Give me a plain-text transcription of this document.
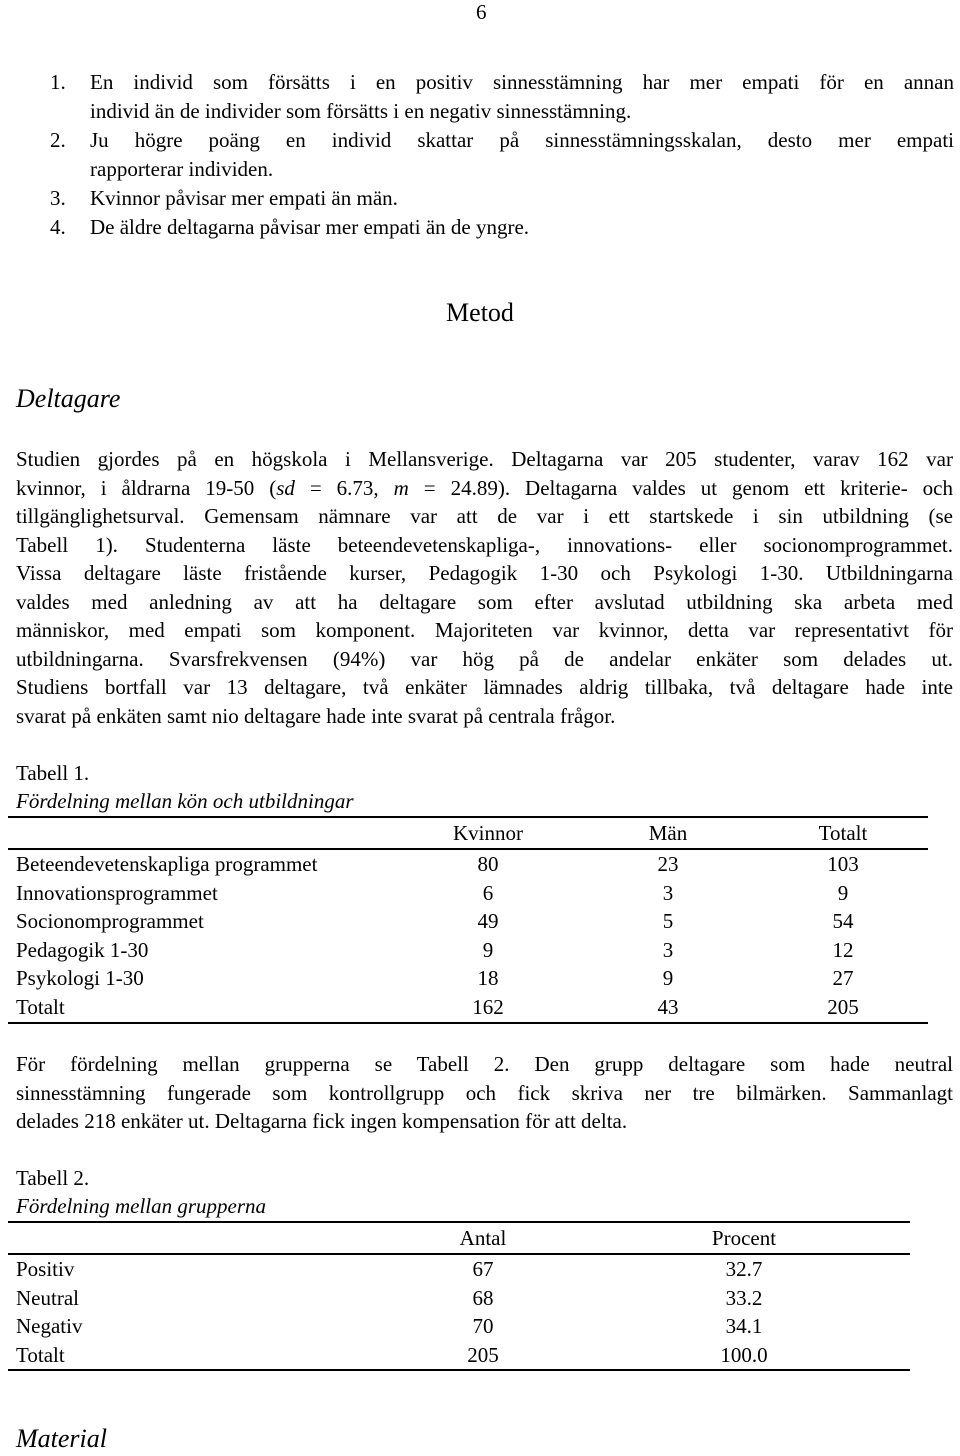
6
1. En individ som försätts i en positiv sinnesstämning har mer empati för en annan
individ än de individer som försätts i en negativ sinnesstämning.
2. Ju högre poäng en individ skattar på sinnesstämningsskalan, desto mer empati
rapporterar individen.
3. Kvinnor påvisar mer empati än män.
4. De äldre deltagarna påvisar mer empati än de yngre.
Metod
Deltagare
Studien gjordes på en högskola i Mellansverige. Deltagarna var 205 studenter, varav 162 var
kvinnor, i åldrarna 19-50 (sd = 6.73, m = 24.89). Deltagarna valdes ut genom ett kriterie- och
tillgänglighetsurval. Gemensam nämnare var att de var i ett startskede i sin utbildning (se
Tabell 1). Studenterna läste beteendevetenskapliga-, innovations- eller socionomprogrammet.
Vissa deltagare läste fristående kurser, Pedagogik 1-30 och Psykologi 1-30. Utbildningarna
valdes med anledning av att ha deltagare som efter avslutad utbildning ska arbeta med
människor, med empati som komponent. Majoriteten var kvinnor, detta var representativt för
utbildningarna. Svarsfrekvensen (94%) var hög på de andelar enkäter som delades ut.
Studiens bortfall var 13 deltagare, två enkäter lämnades aldrig tillbaka, två deltagare hade inte
svarat på enkäten samt nio deltagare hade inte svarat på centrala frågor.
Tabell 1.
Fördelning mellan kön och utbildningar
	Kvinnor	Män	Totalt
Beteendevetenskapliga programmet	80	23	103
Innovationsprogrammet	6	3	9
Socionomprogrammet	49	5	54
Pedagogik 1-30	9	3	12
Psykologi 1-30	18	9	27
Totalt	162	43	205
För fördelning mellan grupperna se Tabell 2. Den grupp deltagare som hade neutral
sinnesstämning fungerade som kontrollgrupp och fick skriva ner tre bilmärken. Sammanlagt
delades 218 enkäter ut. Deltagarna fick ingen kompensation för att delta.
Tabell 2.
Fördelning mellan grupperna
	Antal	Procent
Positiv	67	32.7
Neutral	68	33.2
Negativ	70	34.1
Totalt	205	100.0
Material
